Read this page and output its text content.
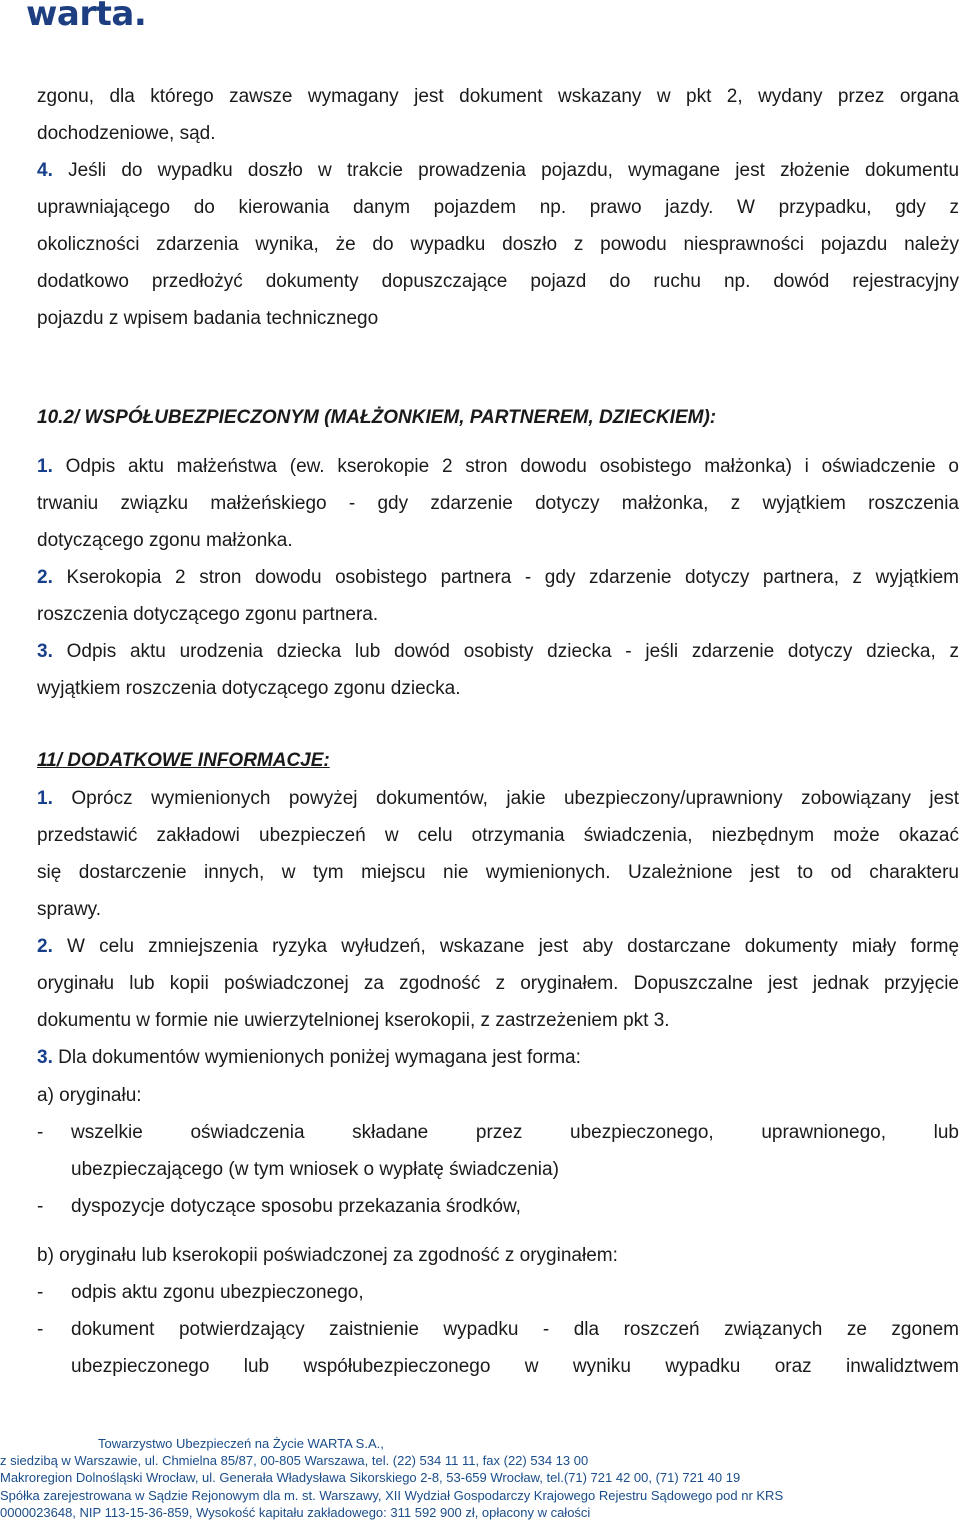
warta.
zgonu, dla którego zawsze wymagany jest dokument wskazany w pkt 2, wydany przez organa
dochodzeniowe, sąd.
4. Jeśli do wypadku doszło w trakcie prowadzenia pojazdu, wymagane jest złożenie dokumentu
uprawniającego do kierowania danym pojazdem np. prawo jazdy. W przypadku, gdy z
okoliczności zdarzenia wynika, że do wypadku doszło z powodu niesprawności pojazdu należy
dodatkowo przedłożyć dokumenty dopuszczające pojazd do ruchu np. dowód rejestracyjny
pojazdu z wpisem badania technicznego
10.2/ WSPÓŁUBEZPIECZONYM (MAŁŻONKIEM, PARTNEREM, DZIECKIEM):
1. Odpis aktu małżeństwa (ew. kserokopie 2 stron dowodu osobistego małżonka) i oświadczenie o
trwaniu związku małżeńskiego - gdy zdarzenie dotyczy małżonka, z wyjątkiem roszczenia
dotyczącego zgonu małżonka.
2. Kserokopia 2 stron dowodu osobistego partnera - gdy zdarzenie dotyczy partnera, z wyjątkiem
roszczenia dotyczącego zgonu partnera.
3. Odpis aktu urodzenia dziecka lub dowód osobisty dziecka - jeśli zdarzenie dotyczy dziecka, z
wyjątkiem roszczenia dotyczącego zgonu dziecka.
11/ DODATKOWE INFORMACJE:
1. Oprócz wymienionych powyżej dokumentów, jakie ubezpieczony/uprawniony zobowiązany jest
przedstawić zakładowi ubezpieczeń w celu otrzymania świadczenia, niezbędnym może okazać
się dostarczenie innych, w tym miejscu nie wymienionych. Uzależnione jest to od charakteru
sprawy.
2. W celu zmniejszenia ryzyka wyłudzeń, wskazane jest aby dostarczane dokumenty miały formę
oryginału lub kopii poświadczonej za zgodność z oryginałem. Dopuszczalne jest jednak przyjęcie
dokumentu w formie nie uwierzytelnionej kserokopii, z zastrzeżeniem pkt 3.
3. Dla dokumentów wymienionych poniżej wymagana jest forma:
a) oryginału:
- wszelkie oświadczenia składane przez ubezpieczonego, uprawnionego, lub
ubezpieczającego (w tym wniosek o wypłatę świadczenia)
- dyspozycje dotyczące sposobu przekazania środków,
b) oryginału lub kserokopii poświadczonej za zgodność z oryginałem:
- odpis aktu zgonu ubezpieczonego,
- dokument potwierdzający zaistnienie wypadku - dla roszczeń związanych ze zgonem
ubezpieczonego lub współubezpieczonego w wyniku wypadku oraz inwalidztwem
Towarzystwo Ubezpieczeń na Życie WARTA S.A.,
z siedzibą w Warszawie, ul. Chmielna 85/87, 00-805 Warszawa, tel. (22) 534 11 11, fax (22) 534 13 00
Makroregion Dolnośląski Wrocław, ul. Generała Władysława Sikorskiego 2-8, 53-659 Wrocław, tel.(71) 721 42 00, (71) 721 40 19
Spółka zarejestrowana w Sądzie Rejonowym dla m. st. Warszawy, XII Wydział Gospodarczy Krajowego Rejestru Sądowego pod nr KRS
0000023648, NIP 113-15-36-859, Wysokość kapitału zakładowego: 311 592 900 zł, opłacony w całości
